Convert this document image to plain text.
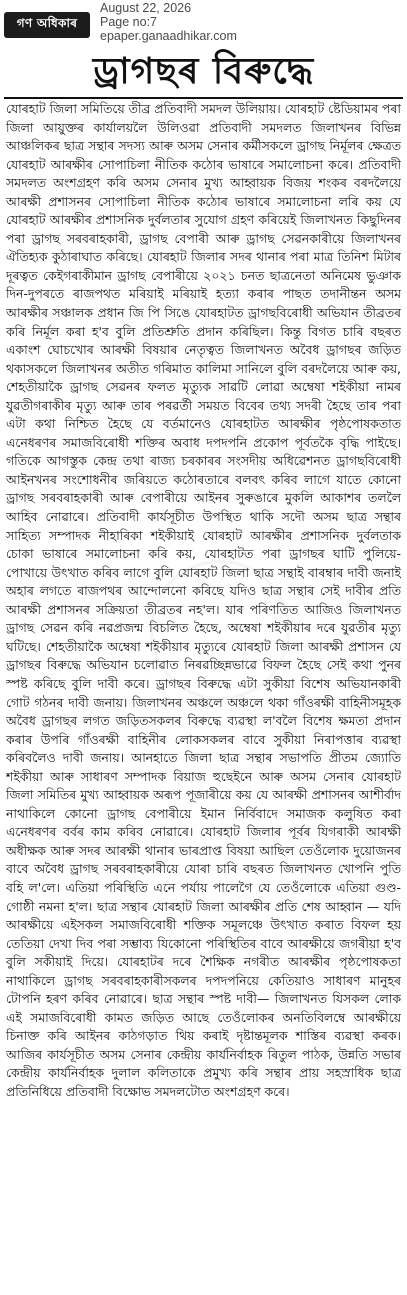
গণ অধিকাৰ
August 22, 2026
Page no:7
epaper.ganaadhikar.com
ড্ৰাগছৰ বিৰুদ্ধে

যোৰহাট জিলা সমিতিয়ে তীব্ৰ প্ৰতিবাদী সমদল উলিয়ায়। যোৰহাট ষ্টেডিয়ামৰ পৰা জিলা আয়ুক্তৰ কাৰ্যালয়লৈ উলিওৱা প্ৰতিবাদী সমদলত জিলাখনৰ বিভিন্ন আঞ্চলিকৰ ছাত্ৰ সন্থাৰ সদস্য আৰু অসম সেনাৰ কৰ্মীসকলে ড্ৰাগছ নিৰ্মূলৰ ক্ষেত্ৰত যোৰহাট আৰক্ষীৰ সোপাচিলা নীতিক কঠোৰ ভাষাৰে সমালোচনা কৰে। প্ৰতিবাদী সমদলত অংশগ্ৰহণ কৰি অসম সেনাৰ মুখ্য আহ্বায়ক বিজয় শংকৰ বৰদলৈয়ে আৰক্ষী প্ৰশাসনৰ সোপাচিলা নীতিক কঠোৰ ভাষাৰে সমালোচনা লৰি কয় যে যোৰহাট আৰক্ষীৰ প্ৰশাসনিক দুৰ্বলতাৰ সুযোগ গ্ৰহণ কৰিয়েই জিলাখনত কিছুদিনৰ পৰা ড্ৰাগছ সৰবৰাহকাৰী, ড্ৰাগছ বেপাৰী আৰু ড্ৰাগছ সেৱনকাৰীয়ে জিলাখনৰ ঐতিহ্যক কুঠাৰাঘাত কৰিছে। যোৰহাট জিলাৰ সদৰ থানাৰ পৰা মাত্ৰ তিনিশ মিটাৰ দূৰত্বত কেইগৰাকীমান ড্ৰাগছ বেপাৰীয়ে ২০২১ চনত ছাত্ৰনেতা অনিমেষ ভুঞাক দিন-দুপৰতে ৰাজপথত মৰিয়াই মৰিয়াই হত্যা কৰাৰ পাছত তদানীন্তন অসম আৰক্ষীৰ সঞ্চালক প্ৰধান জি পি সিঙে যোৰহাটত ড্ৰাগছবিৰোধী অভিযান তীব্ৰতৰ কৰি নিৰ্মূল কৰা হ'ব বুলি প্ৰতিশ্ৰুতি প্ৰদান কৰিছিল। কিন্তু বিগত চাৰি বছৰত একাংশ ঘোচখোৰ আৰক্ষী বিষয়াৰ নেতৃত্বত জিলাখনত অবৈধ ড্ৰাগছৰ জড়িত থকাসকলে জিলাখনৰ অতীত গৰিমাত কালিমা সানিলে বুলি বৰদলৈয়ে আৰু কয়, শেহতীয়াকৈ ড্ৰাগছ সেৱনৰ ফলত মৃত্যুক সাৱটি লোৱা অম্বেষা শইকীয়া নামৰ যুৱতীগৰাকীৰ মৃত্যু আৰু তাৰ পৰৱৰ্তী সময়ত বিবেৰ তথ্য সদৰী হৈছে তাৰ পৰা এটা কথা নিশ্চিত হৈছে যে বৰ্তমানেও যোৰহাটত আৰক্ষীৰ পৃষ্ঠপোষকতাত এনেধৰণৰ সমাজবিৰোধী শক্তিৰ অবাধ দপদপনি প্ৰকোপ পূৰ্বতকৈ বৃদ্ধি পাইছে। গতিকে আগস্তুক কেন্দ্ৰ তথা ৰাজ্য চৰকাৰৰ সংসদীয় অধিৱেশনত ড্ৰাগছবিৰোধী আইনখনৰ সংশোধনীৰ জৰিয়তে কঠোৰতাৰে বলবৎ কৰিব লাগে যাতে কোনো ড্ৰাগছ সৰবৰাহকাৰী আৰু বেপাৰীয়ে আইনৰ সুৰুঙাৰে মুকলি আকাশৰ তললৈ আহিব নোৱাৰে। প্ৰতিবাদী কাৰ্যসূচীত উপস্থিত থাকি সদৌ অসম ছাত্ৰ সন্থাৰ সাহিত্য সম্পাদক নীহাৰিকা শইকীয়াই যোৰহাট আৰক্ষীৰ প্ৰশাসনিক দুৰ্বলতাক চোকা ভাষাৰে সমালোচনা কৰি কয়, যোৰহাটত পৰা ড্ৰাগছৰ ঘাটি পুলিয়ে-পোখায়ে উৎখাত কৰিব লাগে বুলি যোৰহাট জিলা ছাত্ৰ সন্থাই বাৰম্বাৰ দাবী জনাই অহাৰ লগতে ৰাজপথৰ আন্দোলনো কৰিছে যদিও ছাত্ৰ সন্থাৰ সেই দাবীৰ প্ৰতি আৰক্ষী প্ৰশাসনৰ সক্ৰিয়তা তীব্ৰতৰ নহ'ল। যাৰ পৰিণতিত আজিও জিলাখনত ড্ৰাগছ সেৱন কৰি নৱপ্ৰজন্ম বিচলিত হৈছে, অম্বেষা শইকীয়াৰ দৰে যুৱতীৰ মৃত্যু ঘটিছে। শেহতীয়াকৈ অম্বেষা শইকীয়াৰ মৃত্যুৰে যোৰহাট জিলা আৰক্ষী প্ৰশাসন যে ড্ৰাগছৰ বিৰুদ্ধে অভিযান চলোৱাত নিৰৱচ্ছিন্নভাৱে বিফল হৈছে সেই কথা পুনৰ স্পষ্ট কৰিছে বুলি দাবী কৰে। ড্ৰাগছৰ বিৰুদ্ধে এটা সুকীয়া বিশেষ অভিযানকাৰী গোট গঠনৰ দাবী জনায়। জিলাখনৰ অঞ্চলে অঞ্চলে থকা গাঁওৰক্ষী বাহিনীসমূহক অবৈধ ড্ৰাগছৰ লগত জড়িতসকলৰ বিৰুদ্ধে ব্যৱস্থা ল'বলৈ বিশেষ ক্ষমতা প্ৰদান কৰাৰ উপৰি গাঁওৰক্ষী বাহিনীৰ লোকসকলৰ বাবে সুকীয়া নিৰাপত্তাৰ ব্যৱস্থা কৰিবলৈও দাবী জনায়। আনহাতে জিলা ছাত্ৰ সন্থাৰ সভাপতি প্ৰীতম জ্যোতি শইকীয়া আৰু সাধাৰণ সম্পাদক বিয়াজ হুছেইনে আৰু অসম সেনাৰ যোৰহাট জিলা সমিতিৰ মুখ্য আহ্বায়ক অৰূপ পূজাৰীয়ে কয় যে আৰক্ষী প্ৰশাসনৰ আশীৰ্বাদ নাথাকিলে কোনো ড্ৰাগছ বেপাৰীয়ে ইমান নিৰ্বিবাদে সমাজক কলুষিত কৰা এনেধৰণৰ বৰ্বৰ কাম কৰিব নোৱাৰে। যোৰহাট জিলাৰ পূৰ্বৰ যিগৰাকী আৰক্ষী অধীক্ষক আৰু সদৰ আৰক্ষী থানাৰ ভাৰপ্ৰাপ্ত বিষয়া আছিল তেওঁলোক দুয়োজনৰ বাবে অবৈধ ড্ৰাগছ সৰবৰাহকাৰীয়ে যোৰা চাৰি বছৰত জিলাখনত খোপনি পুতি বহি ল'লে। এতিয়া পৰিস্থিতি এনে পৰ্যায় পালেগৈ যে তেওঁলোকে এতিয়া গুণ্ড-গোষ্ঠী নমনা হ'ল। ছাত্ৰ সন্থাৰ যোৰহাট জিলা আৰক্ষীৰ প্ৰতি শেষ আহ্বান — যদি আৰক্ষীয়ে এইসকল সমাজবিৰোধী শক্তিক সমূলঞ্চে উৎখাত কৰাত বিফল হয় তেতিয়া দেখা দিব পৰা সম্ভাব্য যিকোনো পৰিস্থিতিৰ বাবে আৰক্ষীয়ে জগৰীয়া হ'ব বুলি সকীয়াই দিয়ে। যোৰহাটৰ দৰে শৈক্ষিক নগৰীত আৰক্ষীৰ পৃষ্ঠপোষকতা নাথাকিলে ড্ৰাগছ সৰবৰাহকাৰীসকলৰ দপদপনিয়ে কেতিয়াও সাধাৰণ মানুহৰ টোপনি হৰণ কৰিব নোৱাৰে। ছাত্ৰ সন্থাৰ স্পষ্ট দাবী— জিলাখনত যিসকল লোক এই সমাজবিৰোধী কামত জড়িত আছে তেওঁলোকৰ অনতিবিলম্বে আৰক্ষীয়ে চিনাক্ত কৰি আইনৰ কাঠগড়াত থিয় কৰাই দৃষ্টান্তমূলক শাস্তিৰ ব্যৱস্থা কৰক। আজিৰ কাৰ্যসূচীত অসম সেনাৰ কেন্দ্ৰীয় কাৰ্যনিৰ্বাহক ৰিতুল পাঠক, উন্নতি সভাৰ কেন্দ্ৰীয় কাৰ্যনিৰ্বাহক দুলাল কলিতাকে প্ৰমুখ্য কৰি সন্থাৰ প্ৰায় সহস্ৰাধিক ছাত্ৰ প্ৰতিনিধিয়ে প্ৰতিবাদী বিক্ষোভ সমদলটোত অংশগ্ৰহণ কৰে।
